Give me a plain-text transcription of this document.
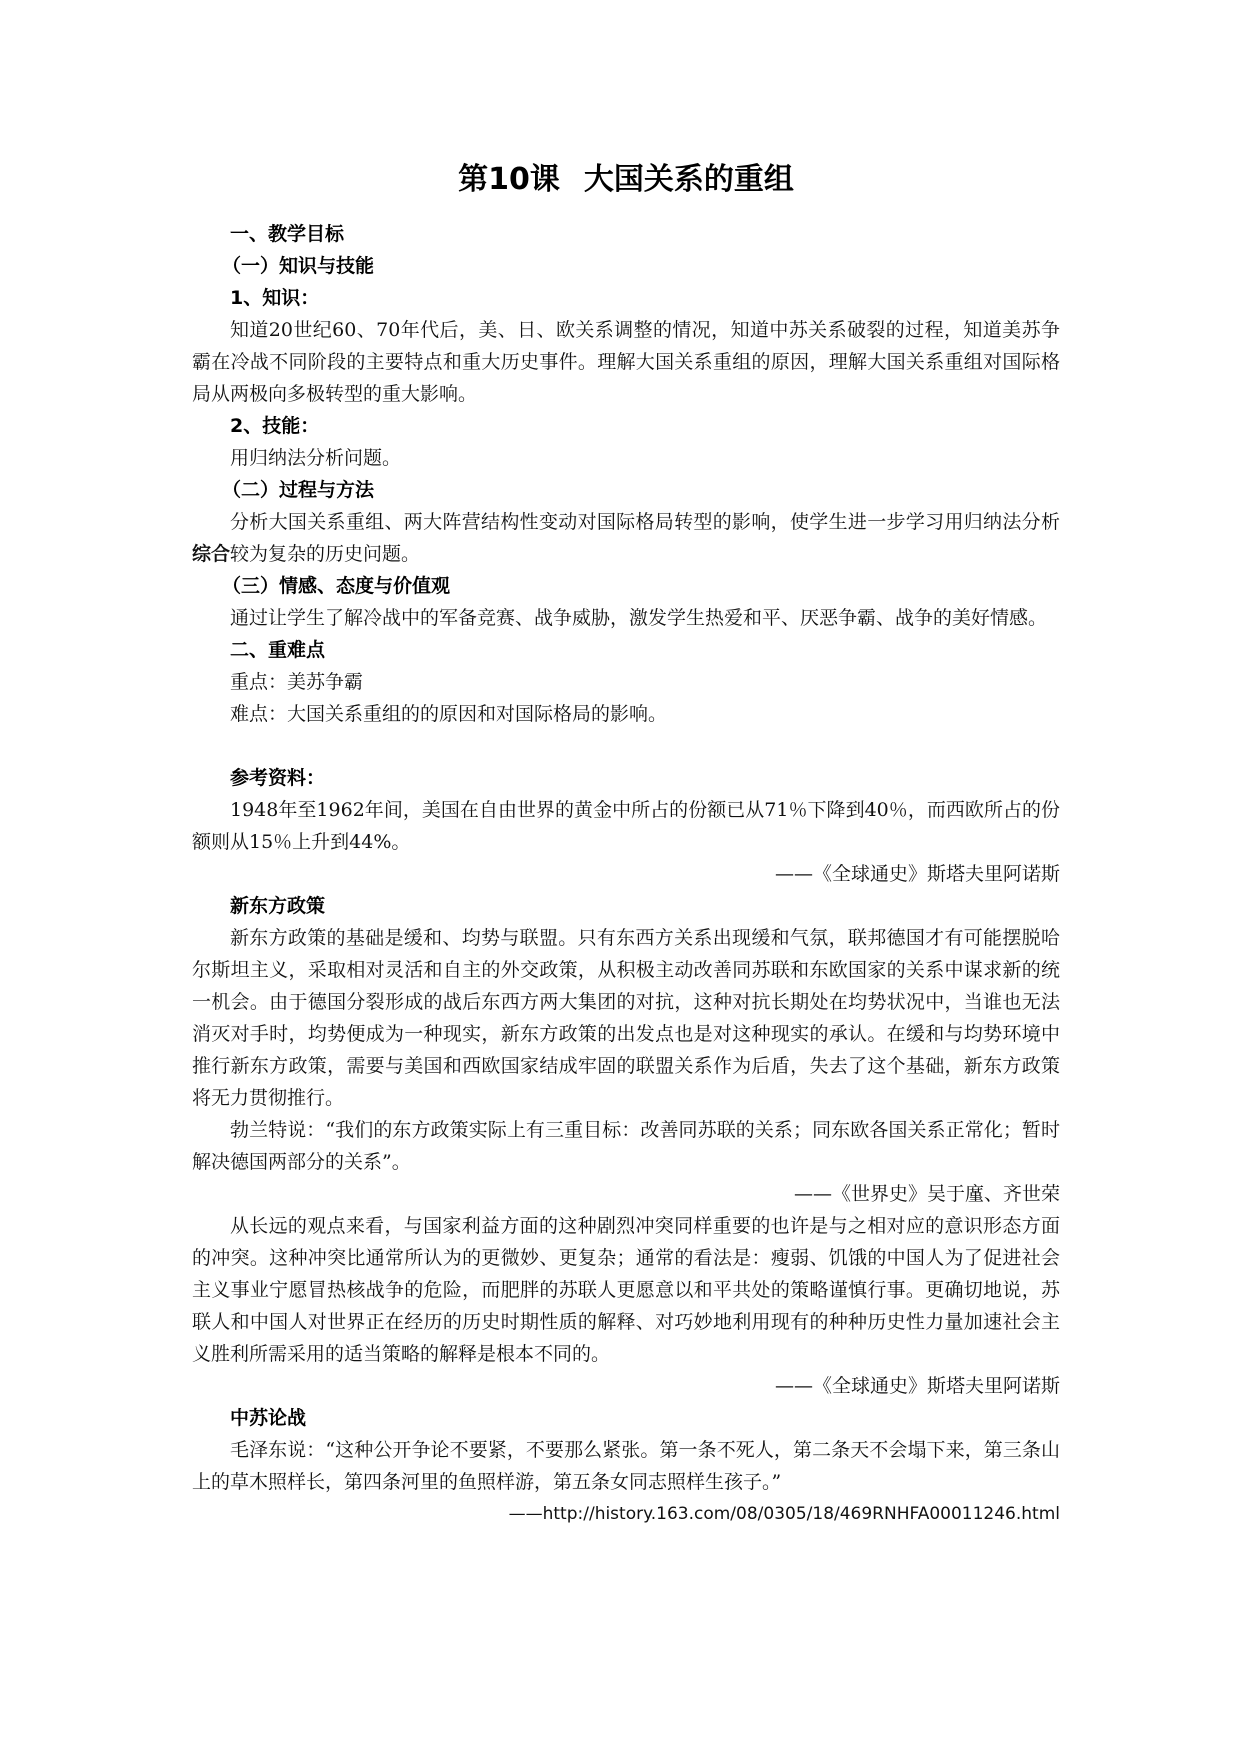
第10课 大国关系的重组

一、教学目标

（一）知识与技能

1、知识：

知道20世纪60、70年代后，美、日、欧关系调整的情况，知道中苏关系破裂的过程，知道美苏争霸在冷战不同阶段的主要特点和重大历史事件。理解大国关系重组的原因，理解大国关系重组对国际格局从两极向多极转型的重大影响。

2、技能：

用归纳法分析问题。

（二）过程与方法

分析大国关系重组、两大阵营结构性变动对国际格局转型的影响，使学生进一步学习用归纳法分析综合较为复杂的历史问题。

（三）情感、态度与价值观

通过让学生了解冷战中的军备竞赛、战争威胁，激发学生热爱和平、厌恶争霸、战争的美好情感。

二、重难点

重点：美苏争霸

难点：大国关系重组的的原因和对国际格局的影响。

参考资料：

1948年至1962年间，美国在自由世界的黄金中所占的份额已从71％下降到40％，而西欧所占的份额则从15％上升到44%。

——《全球通史》斯塔夫里阿诺斯

新东方政策

新东方政策的基础是缓和、均势与联盟。只有东西方关系出现缓和气氛，联邦德国才有可能摆脱哈尔斯坦主义，采取相对灵活和自主的外交政策，从积极主动改善同苏联和东欧国家的关系中谋求新的统一机会。由于德国分裂形成的战后东西方两大集团的对抗，这种对抗长期处在均势状况中，当谁也无法消灭对手时，均势便成为一种现实，新东方政策的出发点也是对这种现实的承认。在缓和与均势环境中推行新东方政策，需要与美国和西欧国家结成牢固的联盟关系作为后盾，失去了这个基础，新东方政策将无力贯彻推行。

勃兰特说：“我们的东方政策实际上有三重目标：改善同苏联的关系；同东欧各国关系正常化；暂时解决德国两部分的关系”。

——《世界史》吴于廑、齐世荣

从长远的观点来看，与国家利益方面的这种剧烈冲突同样重要的也许是与之相对应的意识形态方面的冲突。这种冲突比通常所认为的更微妙、更复杂；通常的看法是：瘦弱、饥饿的中国人为了促进社会主义事业宁愿冒热核战争的危险，而肥胖的苏联人更愿意以和平共处的策略谨慎行事。更确切地说，苏联人和中国人对世界正在经历的历史时期性质的解释、对巧妙地利用现有的种种历史性力量加速社会主义胜利所需采用的适当策略的解释是根本不同的。

——《全球通史》斯塔夫里阿诺斯

中苏论战

毛泽东说：“这种公开争论不要紧，不要那么紧张。第一条不死人，第二条天不会塌下来，第三条山上的草木照样长，第四条河里的鱼照样游，第五条女同志照样生孩子。”

——http://history.163.com/08/0305/18/469RNHFA00011246.html
